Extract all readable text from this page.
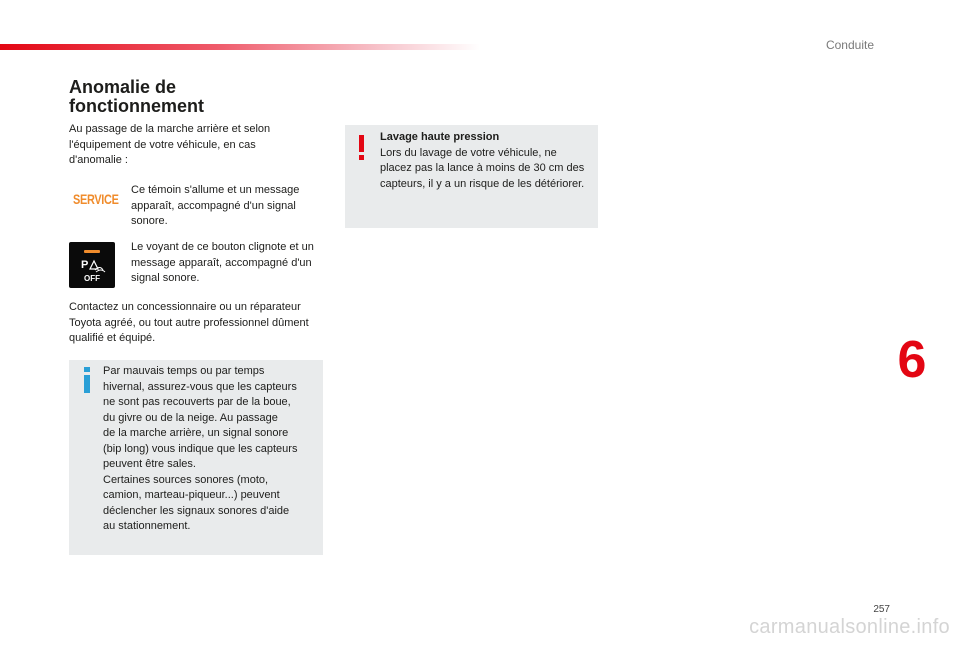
Conduite
Anomalie de
fonctionnement

Au passage de la marche arrière et selon l'équipement de votre véhicule, en cas d'anomalie :

SERVICE
Ce témoin s'allume et un message apparaît, accompagné d'un signal sonore.
P
OFF
Le voyant de ce bouton clignote et un message apparaît, accompagné d'un signal sonore.

Contactez un concessionnaire ou un réparateur Toyota agréé, ou tout autre professionnel dûment qualifié et équipé.

Par mauvais temps ou par temps
hivernal, assurez-vous que les capteurs
ne sont pas recouverts par de la boue,
du givre ou de la neige. Au passage
de la marche arrière, un signal sonore
(bip long) vous indique que les capteurs
peuvent être sales.
Certaines sources sonores (moto,
camion, marteau-piqueur...) peuvent
déclencher les signaux sonores d'aide
au stationnement.
Lavage haute pression
Lors du lavage de votre véhicule, ne placez pas la lance à moins de 30 cm des capteurs, il y a un risque de les détériorer.
6
257
carmanualsonline.info
